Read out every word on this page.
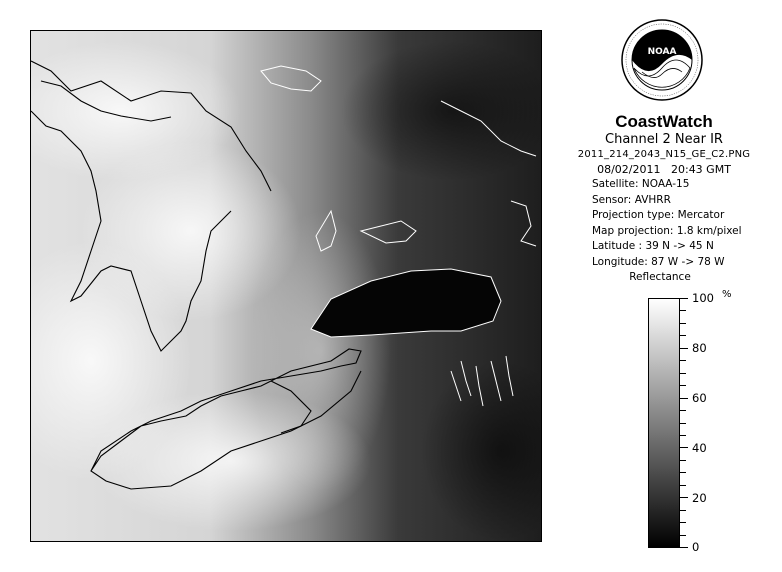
NOAA
CoastWatch
Channel 2 Near IR
2011_214_2043_N15_GE_C2.PNG
08/02/2011 20:43 GMT
Satellite: NOAA-15
Sensor: AVHRR
Projection type: Mercator
Map projection: 1.8 km/pixel
Latitude : 39 N -> 45 N
Longitude: 87 W -> 78 W
Reflectance
%
100
80
60
40
20
0
